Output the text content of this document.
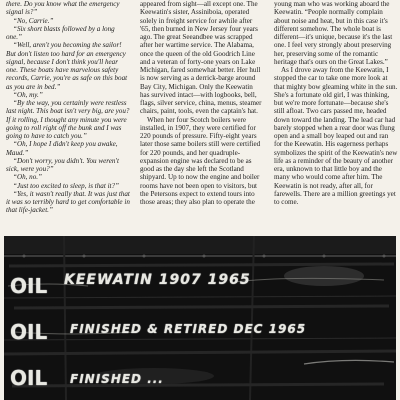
there. Do you know what the emergency signal is?”

“No, Carrie.”

“Six short blasts followed by a long one.”

“Well, aren't you becoming the sailor! But don't listen too hard for an emergency signal, because I don't think you'll hear one. These boats have marvelous safety records, Carrie, you're as safe on this boat as you are in bed.”

“Oh, my.”

“By the way, you certainly were restless last night. This boat isn't very big, are you? If it rolling, I thought any minute you were going to roll right off the bunk and I was going to have to catch you.”

“Oh, I hope I didn't keep you awake, Maud.”

“Don't worry, you didn't. You weren't sick, were you?”

“Oh, no.”

“Just too excited to sleep, is that it?”

“Yes, it wasn't really that. It was just that it was so terribly hard to get comfortable in that life-jacket.”

appeared from sight—all except one. The Keewatin's sister, Assiniboia, operated solely in freight service for awhile after '65, then burned in New Jersey four years ago. The great Seeandbee was scrapped after her wartime service. The Alabama, once the queen of the old Goodrich Line and a veteran of forty-one years on Lake Michigan, fared somewhat better. Her hull is now serving as a derrick-barge around Bay City, Michigan. Only the Keewatin has survived intact—with logbooks, bell, flags, silver service, china, menus, steamer chairs, paint, tools, even the captain's hat.

When her four Scotch boilers were installed, in 1907, they were certified for 220 pounds of pressure. Fifty-eight years later those same boilers still were certified for 220 pounds, and her quadruple-expansion engine was declared to be as good as the day she left the Scotland shipyard. Up to now the engine and boiler rooms have not been open to visitors, but the Petersons expect to extend tours into those areas; they also plan to operate the

young man who was working aboard the Keewatin. “People normally complain about noise and heat, but in this case it's different somehow. The whole boat is different—it's unique, because it's the last one. I feel very strongly about preserving her, preserving some of the romantic heritage that's ours on the Great Lakes.”

As I drove away from the Keewatin, I stopped the car to take one more look at that mighty bow gleaming white in the sun. She's a fortunate old girl, I was thinking, but we're more fortunate—because she's still afloat. Two cars passed me, headed down toward the landing. The lead car had barely stopped when a rear door was flung open and a small boy leaped out and ran for the Keewatin. His eagerness perhaps symbolizes the spirit of the Keewatin's new life as a reminder of the beauty of another era, unknown to that little boy and the many who would come after him. The Keewatin is not ready, after all, for farewells. There are a million greetings yet to come.

OIL KEEWATIN 1907 1965
OIL FINISHED & RETIRED DEC 1965
OIL FINISHED ...
